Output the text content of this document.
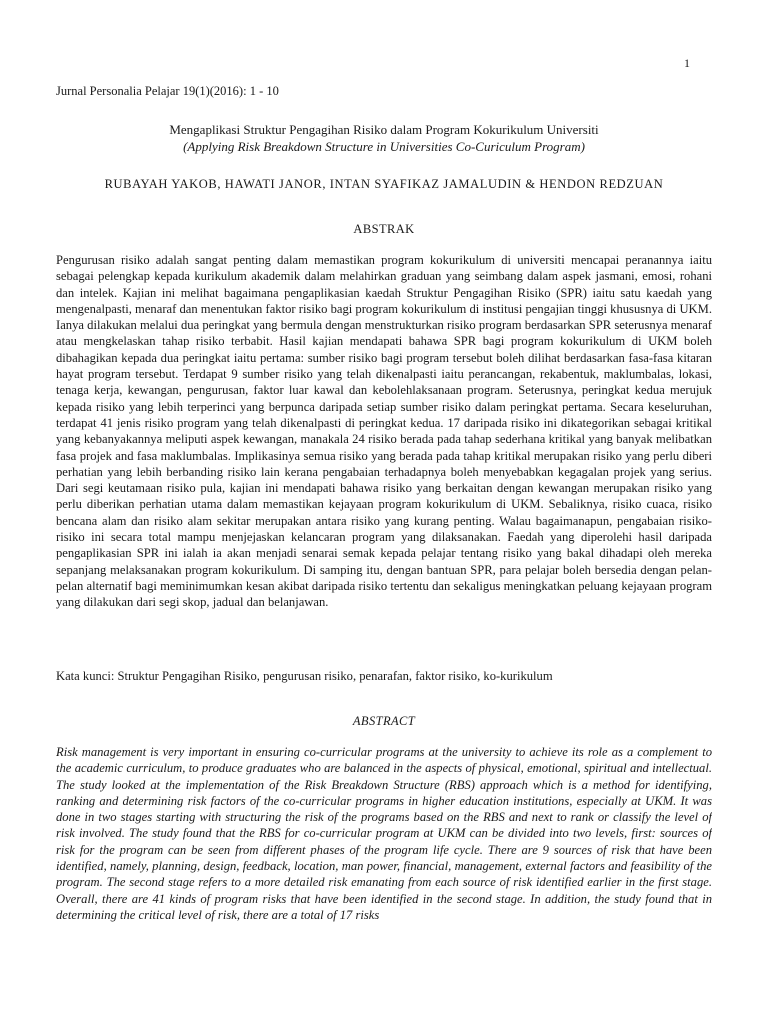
1
Jurnal Personalia Pelajar 19(1)(2016): 1 - 10
Mengaplikasi Struktur Pengagihan Risiko dalam Program Kokurikulum Universiti
(Applying Risk Breakdown Structure in Universities Co-Curiculum Program)
RUBAYAH YAKOB, HAWATI JANOR, INTAN SYAFIKAZ JAMALUDIN & HENDON REDZUAN
ABSTRAK

Pengurusan risiko adalah sangat penting dalam memastikan program kokurikulum di universiti mencapai peranannya iaitu sebagai pelengkap kepada kurikulum akademik dalam melahirkan graduan yang seimbang dalam aspek jasmani, emosi, rohani dan intelek. Kajian ini melihat bagaimana pengaplikasian kaedah Struktur Pengagihan Risiko (SPR) iaitu satu kaedah yang mengenalpasti, menaraf dan menentukan faktor risiko bagi program kokurikulum di institusi pengajian tinggi khususnya di UKM. Ianya dilakukan melalui dua peringkat yang bermula dengan menstrukturkan risiko program berdasarkan SPR seterusnya menaraf atau mengkelaskan tahap risiko terbabit. Hasil kajian mendapati bahawa SPR bagi program kokurikulum di UKM boleh dibahagikan kepada dua peringkat iaitu pertama: sumber risiko bagi program tersebut boleh dilihat berdasarkan fasa-fasa kitaran hayat program tersebut. Terdapat 9 sumber risiko yang telah dikenalpasti iaitu perancangan, rekabentuk, maklumbalas, lokasi, tenaga kerja, kewangan, pengurusan, faktor luar kawal dan kebolehlaksanaan program. Seterusnya, peringkat kedua merujuk kepada risiko yang lebih terperinci yang berpunca daripada setiap sumber risiko dalam peringkat pertama. Secara keseluruhan, terdapat 41 jenis risiko program yang telah dikenalpasti di peringkat kedua. 17 daripada risiko ini dikategorikan sebagai kritikal yang kebanyakannya meliputi aspek kewangan, manakala 24 risiko berada pada tahap sederhana kritikal yang banyak melibatkan fasa projek and fasa maklumbalas. Implikasinya semua risiko yang berada pada tahap kritikal merupakan risiko yang perlu diberi perhatian yang lebih berbanding risiko lain kerana pengabaian terhadapnya boleh menyebabkan kegagalan projek yang serius. Dari segi keutamaan risiko pula, kajian ini mendapati bahawa risiko yang berkaitan dengan kewangan merupakan risiko yang perlu diberikan perhatian utama dalam memastikan kejayaan program kokurikulum di UKM. Sebaliknya, risiko cuaca, risiko bencana alam dan risiko alam sekitar merupakan antara risiko yang kurang penting. Walau bagaimanapun, pengabaian risiko-risiko ini secara total mampu menjejaskan kelancaran program yang dilaksanakan. Faedah yang diperolehi hasil daripada pengaplikasian SPR ini ialah ia akan menjadi senarai semak kepada pelajar tentang risiko yang bakal dihadapi oleh mereka sepanjang melaksanakan program kokurikulum. Di samping itu, dengan bantuan SPR, para pelajar boleh bersedia dengan pelan-pelan alternatif bagi meminimumkan kesan akibat daripada risiko tertentu dan sekaligus meningkatkan peluang kejayaan program yang dilakukan dari segi skop, jadual dan belanjawan.

Kata kunci: Struktur Pengagihan Risiko, pengurusan risiko, penarafan, faktor risiko, ko-kurikulum
ABSTRACT

Risk management is very important in ensuring co-curricular programs at the university to achieve its role as a complement to the academic curriculum, to produce graduates who are balanced in the aspects of physical, emotional, spiritual and intellectual. The study looked at the implementation of the Risk Breakdown Structure (RBS) approach which is a method for identifying, ranking and determining risk factors of the co-curricular programs in higher education institutions, especially at UKM. It was done in two stages starting with structuring the risk of the programs based on the RBS and next to rank or classify the level of risk involved. The study found that the RBS for co-curricular program at UKM can be divided into two levels, first: sources of risk for the program can be seen from different phases of the program life cycle. There are 9 sources of risk that have been identified, namely, planning, design, feedback, location, man power, financial, management, external factors and feasibility of the program. The second stage refers to a more detailed risk emanating from each source of risk identified earlier in the first stage. Overall, there are 41 kinds of program risks that have been identified in the second stage. In addition, the study found that in determining the critical level of risk, there are a total of 17 risks
